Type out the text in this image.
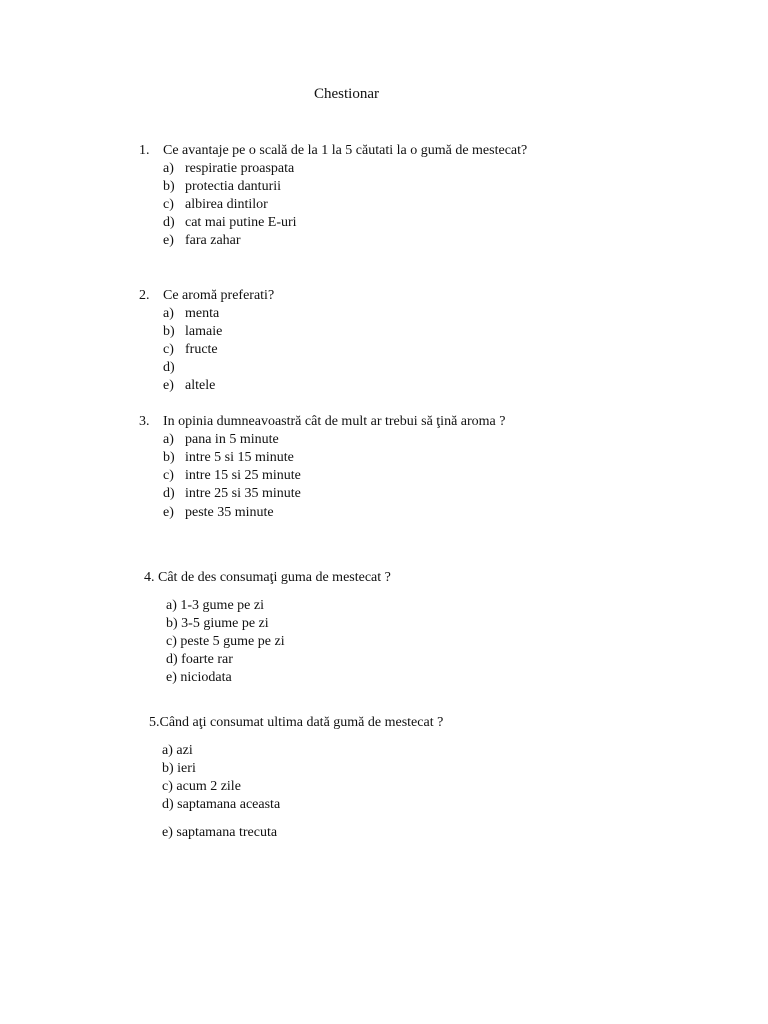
Chestionar
1. Ce avantaje pe o scală de la 1 la 5 căutati la o gumă de mestecat?
a) respiratie proaspata
b) protectia danturii
c) albirea dintilor
d) cat mai putine E-uri
e) fara zahar
2. Ce aromă preferati?
a) menta
b) lamaie
c) fructe
d)
e) altele
3. In opinia dumneavoastră cât de mult ar trebui să ţină aroma ?
a) pana in 5 minute
b) intre 5 si 15 minute
c) intre 15 si 25 minute
d) intre 25 si 35 minute
e) peste 35 minute
4. Cât de des consumaţi guma de mestecat ?
a) 1-3 gume pe zi
b) 3-5 giume pe zi
c) peste 5 gume pe zi
d) foarte rar
e) niciodata
5.Când aţi consumat ultima dată gumă de mestecat ?
a) azi
b) ieri
c) acum 2 zile
d) saptamana aceasta
e) saptamana trecuta
